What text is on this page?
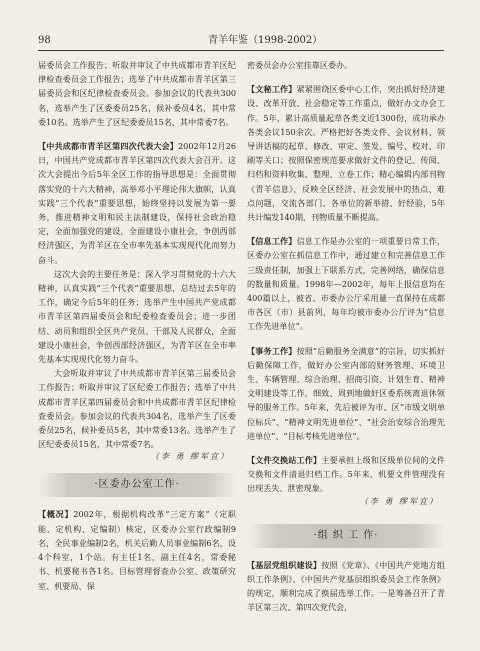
98	青羊年鉴（1998-2002）

届委员会工作报告；听取并审议了中共成都市青羊区纪律检查委员会工作报告；选举了中共成都市青羊区第三届委员会和区纪律检查委员会。参加会议的代表共300名，选举产生了区委委员25名，候补委员4名，其中常委10名。选举产生了区纪委委员15名，其中常委7名。

【中共成都市青羊区第四次代表大会】2002年12月26日，中国共产党成都市青羊区第四次代表大会召开。这次大会提出今后5年全区工作的指导思想是：全面贯彻落实党的十六大精神，高举邓小平理论伟大旗帜，认真实践“三个代表”重要思想，始终坚持以发展为第一要务，推进精神文明和民主法制建设，保持社会政治稳定，全面加强党的建设，全面建设小康社会，争创西部经济强区，为青羊区在全市率先基本实现现代化而努力奋斗。

这次大会的主要任务是：深入学习贯彻党的十六大精神，认真实践“三个代表”重要思想，总结过去5年的工作，确定今后5年的任务；选举产生中国共产党成都市青羊区第四届委员会和纪委检查委员会；进一步团结、动员和组织全区共产党员、干部及人民群众，全面建设小康社会，争创西部经济强区，为青羊区在全市率先基本实现现代化努力奋斗。

大会听取并审议了中共成都市青羊区第三届委员会工作报告；听取并审议了区纪委工作报告；选举了中共成都市青羊区第四届委员会和中共成都市青羊区纪律检查委员会。参加会议的代表共304名，选举产生了区委委员25名，候补委员5名，其中常委13名。选举产生了区纪委委员15名，其中常委7名。

（李 勇 缪军宜）
·区委办公室工作·

【概况】2002年，根据机构改革“三定方案”（定职能、定机构、定编制）核定，区委办公室行政编制9名，全民事业编制2名，机关后勤人员事业编制6名，设4个科室，1个站。有主任1名，副主任4名，常委秘书、机要秘书各1名。目标管理督查办公室、政策研究室、机要局、保

密委员会办公室挂靠区委办。

【文秘工作】紧紧围绕区委中心工作，突出抓好经济建设、改革开放、社会稳定等工作重点，做好办文办会工作。5年，累计高质量起草各类文近1300份，成功承办各类会议150余次。严格把好各类文件、会议材料、领导讲话稿的起草、修改、审定、签发、编号、校对、印刷等关口；按照保密规范要求做好文件的登记、传阅、归档和资料收集、整理、立卷工作；精心编辑内部刊物《青羊信息》，反映全区经济、社会发展中的热点、难点问题，交流各部门、各单位的新举措、好经验，5年共计编发140期，刊物质量不断提高。

【信息工作】信息工作是办公室的一项重要日常工作，区委办公室在抓信息工作中，通过建立和完善信息工作三级责任制，加强上下联系方式，完善网络，确保信息的数量和质量。1998年—2002年，每年上报信息均在400篇以上，被省、市委办公厅采用量一直保持在成都市各区（市）县前列，每年均被市委办公厅评为“信息工作先进单位”。

【事务工作】按照“后勤服务全满意”的宗旨，切实抓好后勤保障工作，做好办公室内部的财务管理、环境卫生、车辆管理、综合治理、招商引资、计划生育、精神文明建设等工作，细致、周到地做好区委系统离退休领导的服务工作。5年来，先后被评为市、区“市级文明单位标兵”、“精神文明先进单位”、“社会治安综合治理先进单位”、“目标考核先进单位”。

【文件交换站工作】主要承担上级和区级单位间的文件交换和文件清退归档工作。5年来，机要文件管理没有出现丢失、泄密现象。

（李 勇 缪军宜）
·组 织 工 作·

【基层党组织建设】按照《党章》、《中国共产党地方组织工作条例》、《中国共产党基层组织委员会工作条例》的规定，顺利完成了换届选举工作。一是筹备召开了青羊区第三次、第四次党代会，
